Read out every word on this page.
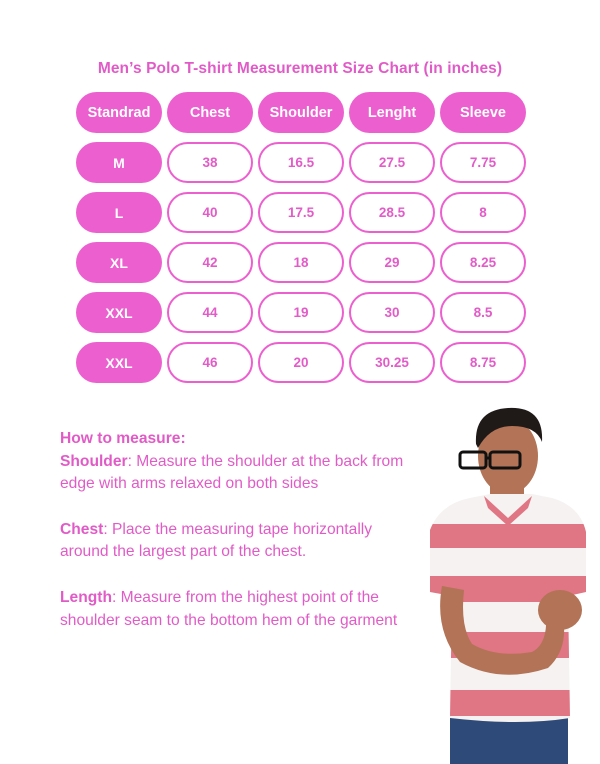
Men’s Polo T-shirt Measurement Size Chart (in inches)
Standrad	Chest	Shoulder	Lenght	Sleeve
M	38	16.5	27.5	7.75
L	40	17.5	28.5	8
XL	42	18	29	8.25
XXL	44	19	30	8.5
XXL	46	20	30.25	8.75

How to measure:
Shoulder: Measure the shoulder at the back from edge with arms relaxed on both sides

Chest: Place the measuring tape horizontally around the largest part of the chest.

Length: Measure from the highest point of the shoulder seam to the bottom hem of the garment
